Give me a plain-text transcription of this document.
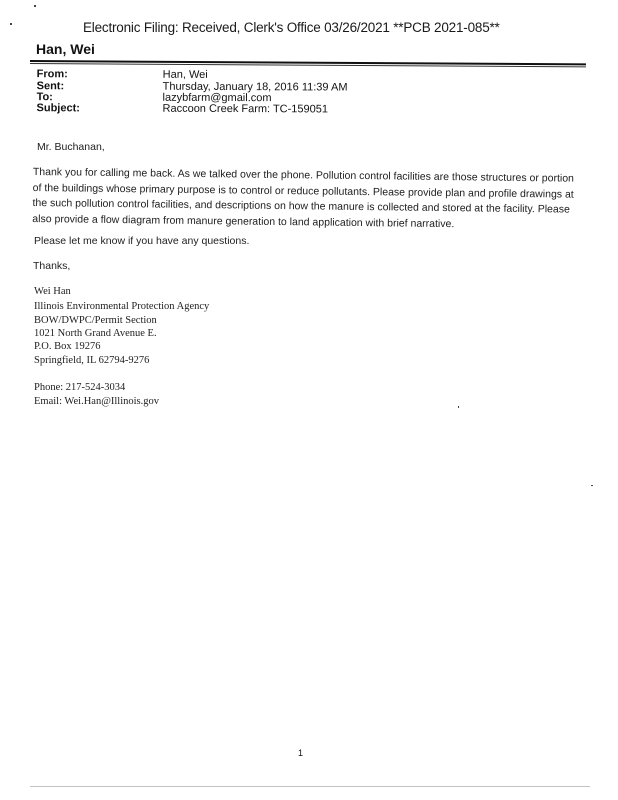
Electronic Filing: Received, Clerk's Office 03/26/2021 **PCB 2021-085**
Han, Wei
From:	Han, Wei
Sent:	Thursday, January 18, 2016 11:39 AM
To:	lazybfarm@gmail.com
Subject:	Raccoon Creek Farm: TC-159051
Mr. Buchanan,
Thank you for calling me back. As we talked over the phone. Pollution control facilities are those structures or portion
of the buildings whose primary purpose is to control or reduce pollutants. Please provide plan and profile drawings at
the such pollution control facilities, and descriptions on how the manure is collected and stored at the facility. Please
also provide a flow diagram from manure generation to land application with brief narrative.
Please let me know if you have any questions.
Thanks,
Wei Han
Illinois Environmental Protection Agency
BOW/DWPC/Permit Section
1021 North Grand Avenue E.
P.O. Box 19276
Springfield, IL 62794-9276
Phone: 217-524-3034
Email: Wei.Han@Illinois.gov
1
